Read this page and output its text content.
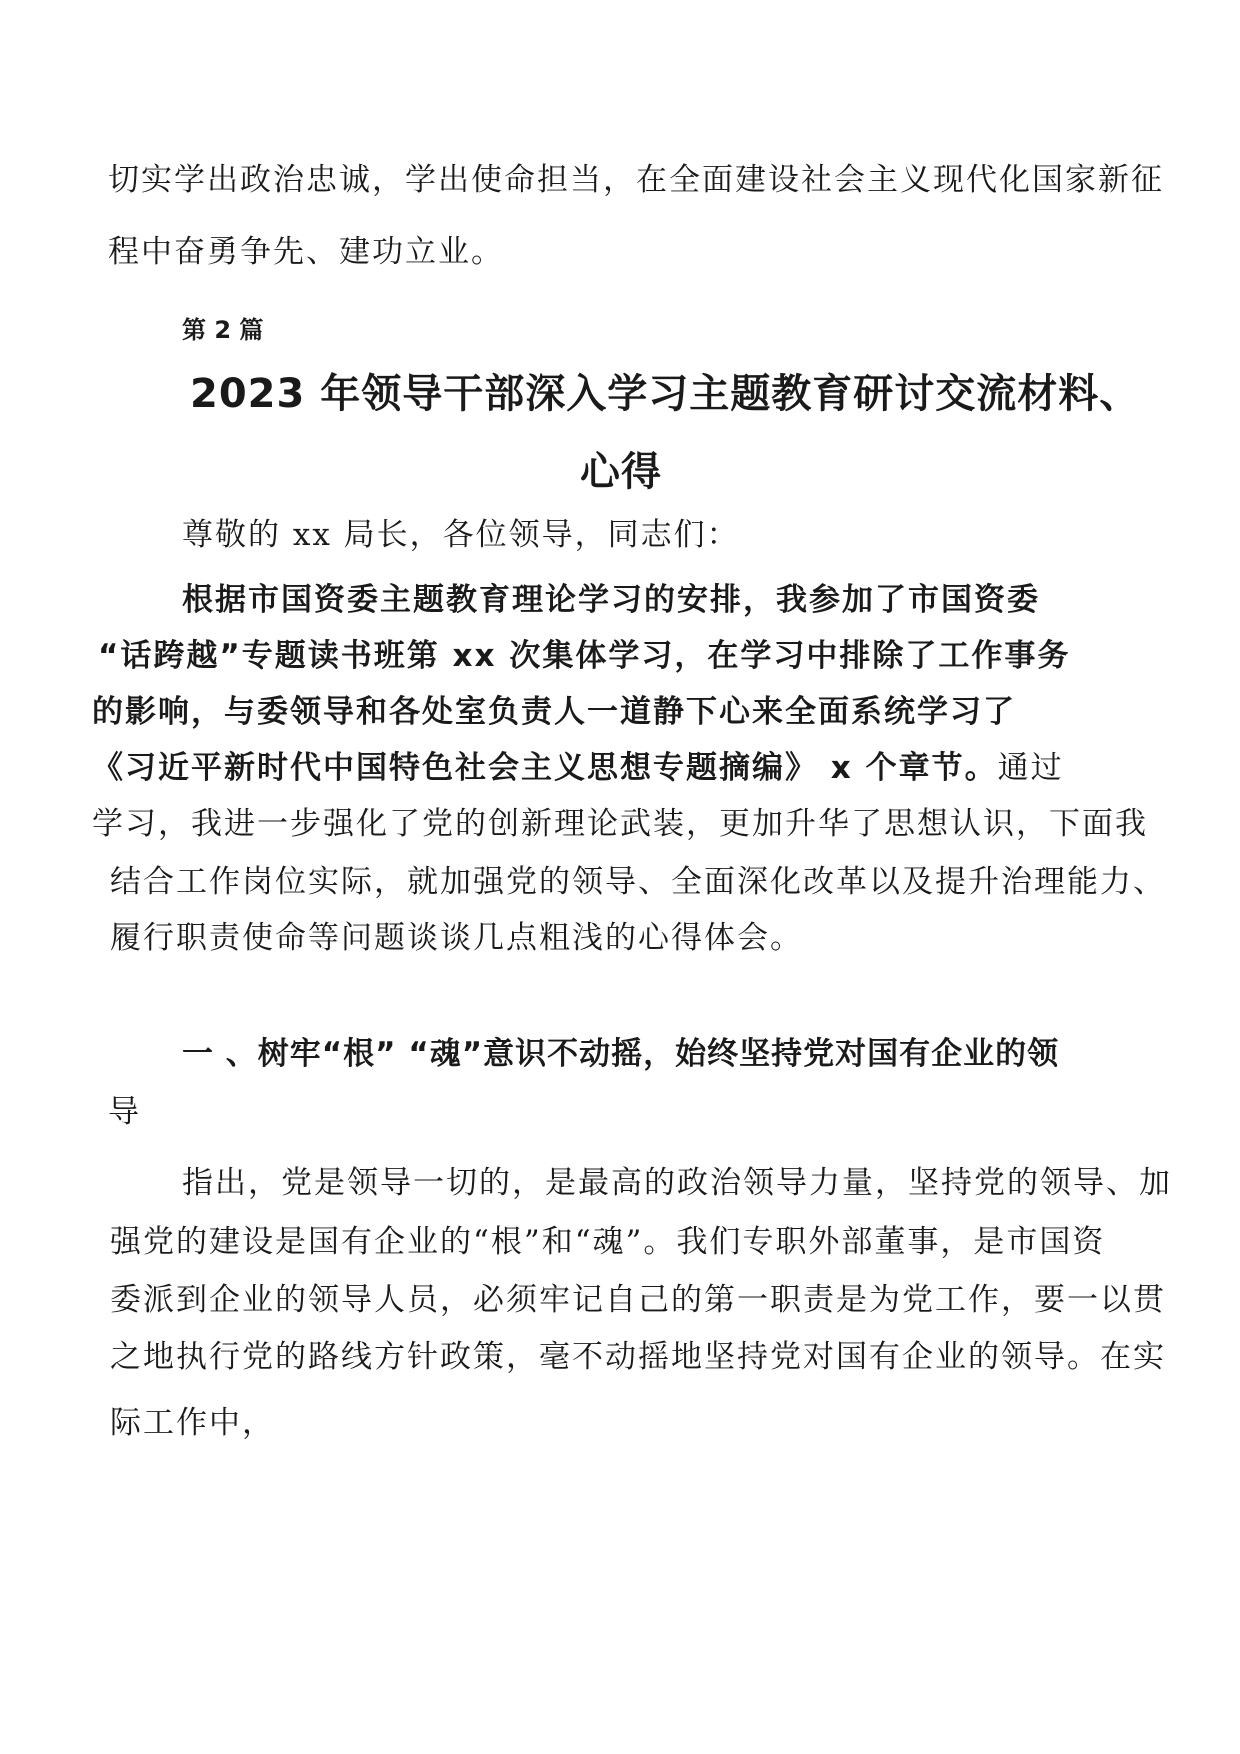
切实学出政治忠诚，学出使命担当，在全面建设社会主义现代化国家新征
程中奋勇争先、建功立业。
第 2 篇
2023 年领导干部深入学习主题教育研讨交流材料、
心得
尊敬的 xx 局长，各位领导，同志们：
根据市国资委主题教育理论学习的安排，我参加了市国资委
“话跨越”专题读书班第 xx 次集体学习，在学习中排除了工作事务
的影响，与委领导和各处室负责人一道静下心来全面系统学习了
《习近平新时代中国特色社会主义思想专题摘编》 x 个章节。通过
学习，我进一步强化了党的创新理论武装，更加升华了思想认识，下面我
结合工作岗位实际，就加强党的领导、全面深化改革以及提升治理能力、
履行职责使命等问题谈谈几点粗浅的心得体会。
一 、树牢“根” “魂”意识不动摇，始终坚持党对国有企业的领
导
指出，党是领导一切的，是最高的政治领导力量，坚持党的领导、加
强党的建设是国有企业的“根”和“魂”。我们专职外部董事，是市国资
委派到企业的领导人员，必须牢记自己的第一职责是为党工作，要一以贯
之地执行党的路线方针政策，毫不动摇地坚持党对国有企业的领导。在实
际工作中，
